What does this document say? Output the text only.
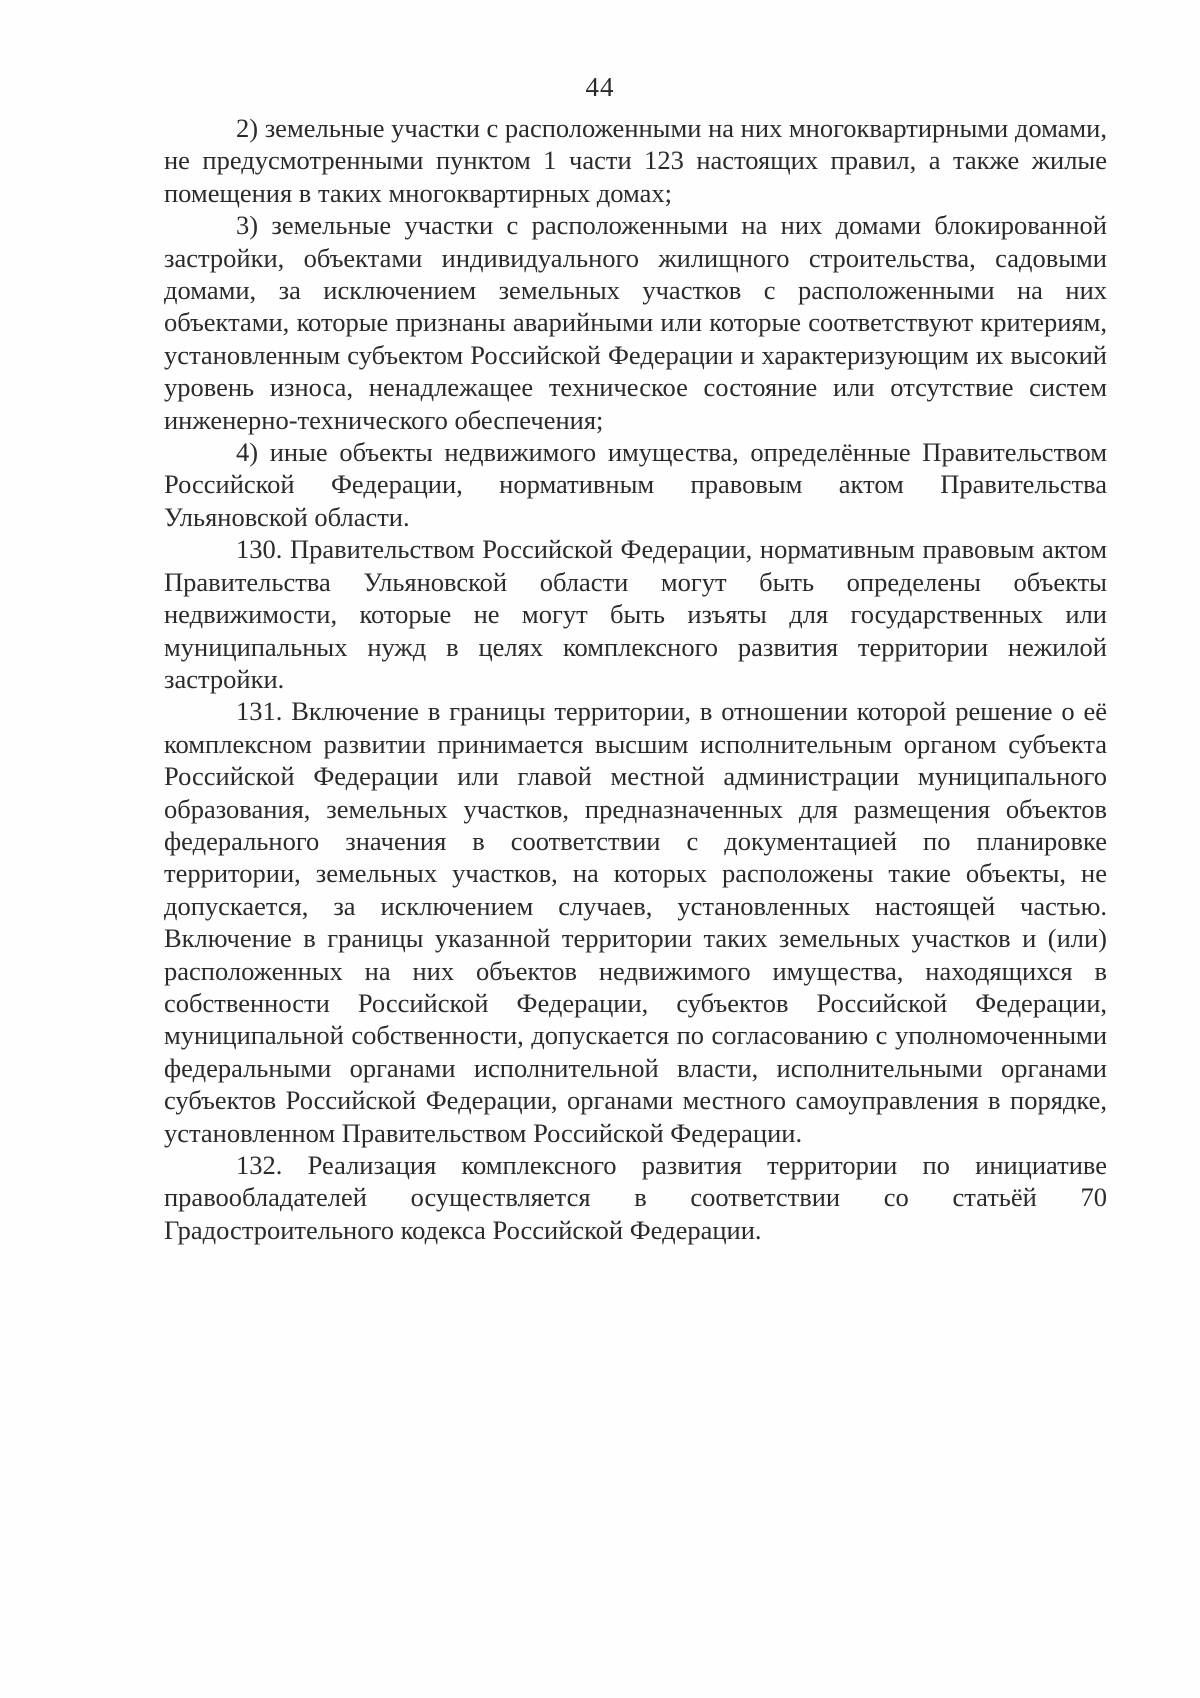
44

2) земельные участки с расположенными на них многоквартирными домами, не предусмотренными пунктом 1 части 123 настоящих правил, а также жилые помещения в таких многоквартирных домах;

3) земельные участки с расположенными на них домами блокированной застройки, объектами индивидуального жилищного строительства, садовыми домами, за исключением земельных участков с расположенными на них объектами, которые признаны аварийными или которые соответствуют критериям, установленным субъектом Российской Федерации и характеризующим их высокий уровень износа, ненадлежащее техническое состояние или отсутствие систем инженерно-технического обеспечения;

4) иные объекты недвижимого имущества, определённые Правительством Российской Федерации, нормативным правовым актом Правительства Ульяновской области.

130. Правительством Российской Федерации, нормативным правовым актом Правительства Ульяновской области могут быть определены объекты недвижимости, которые не могут быть изъяты для государственных или муниципальных нужд в целях комплексного развития территории нежилой застройки.

131. Включение в границы территории, в отношении которой решение о её комплексном развитии принимается высшим исполнительным органом субъекта Российской Федерации или главой местной администрации муниципального образования, земельных участков, предназначенных для размещения объектов федерального значения в соответствии с документацией по планировке территории, земельных участков, на которых расположены такие объекты, не допускается, за исключением случаев, установленных настоящей частью. Включение в границы указанной территории таких земельных участков и (или) расположенных на них объектов недвижимого имущества, находящихся в собственности Российской Федерации, субъектов Российской Федерации, муниципальной собственности, допускается по согласованию с уполномоченными федеральными органами исполнительной власти, исполнительными органами субъектов Российской Федерации, органами местного самоуправления в порядке, установленном Правительством Российской Федерации.

132. Реализация комплексного развития территории по инициативе правообладателей осуществляется в соответствии со статьёй 70 Градостроительного кодекса Российской Федерации.
